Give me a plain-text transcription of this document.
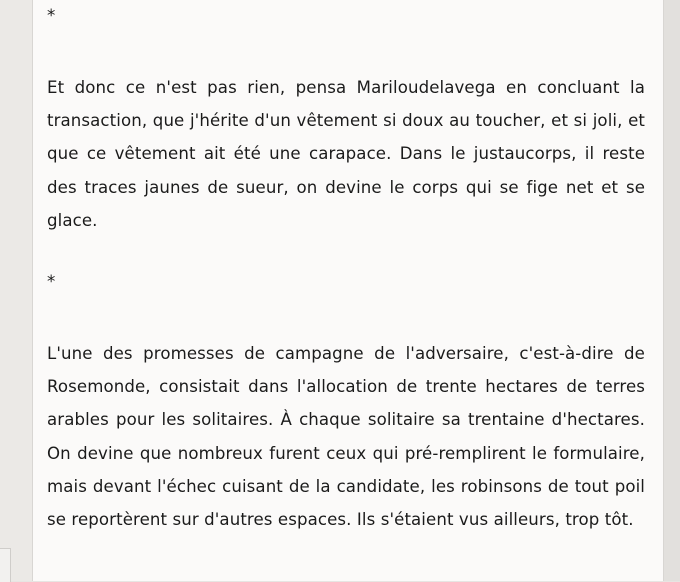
*

Et donc ce n'est pas rien, pensa Mariloudelavega en concluant la transaction, que j'hérite d'un vêtement si doux au toucher, et si joli, et que ce vêtement ait été une carapace. Dans le justaucorps, il reste des traces jaunes de sueur, on devine le corps qui se fige net et se glace.

*

L'une des promesses de campagne de l'adversaire, c'est-à-dire de Rosemonde, consistait dans l'allocation de trente hectares de terres arables pour les solitaires. À chaque solitaire sa trentaine d'hectares. On devine que nombreux furent ceux qui pré-remplirent le formulaire, mais devant l'échec cuisant de la candidate, les robinsons de tout poil se reportèrent sur d'autres espaces. Ils s'étaient vus ailleurs, trop tôt.
